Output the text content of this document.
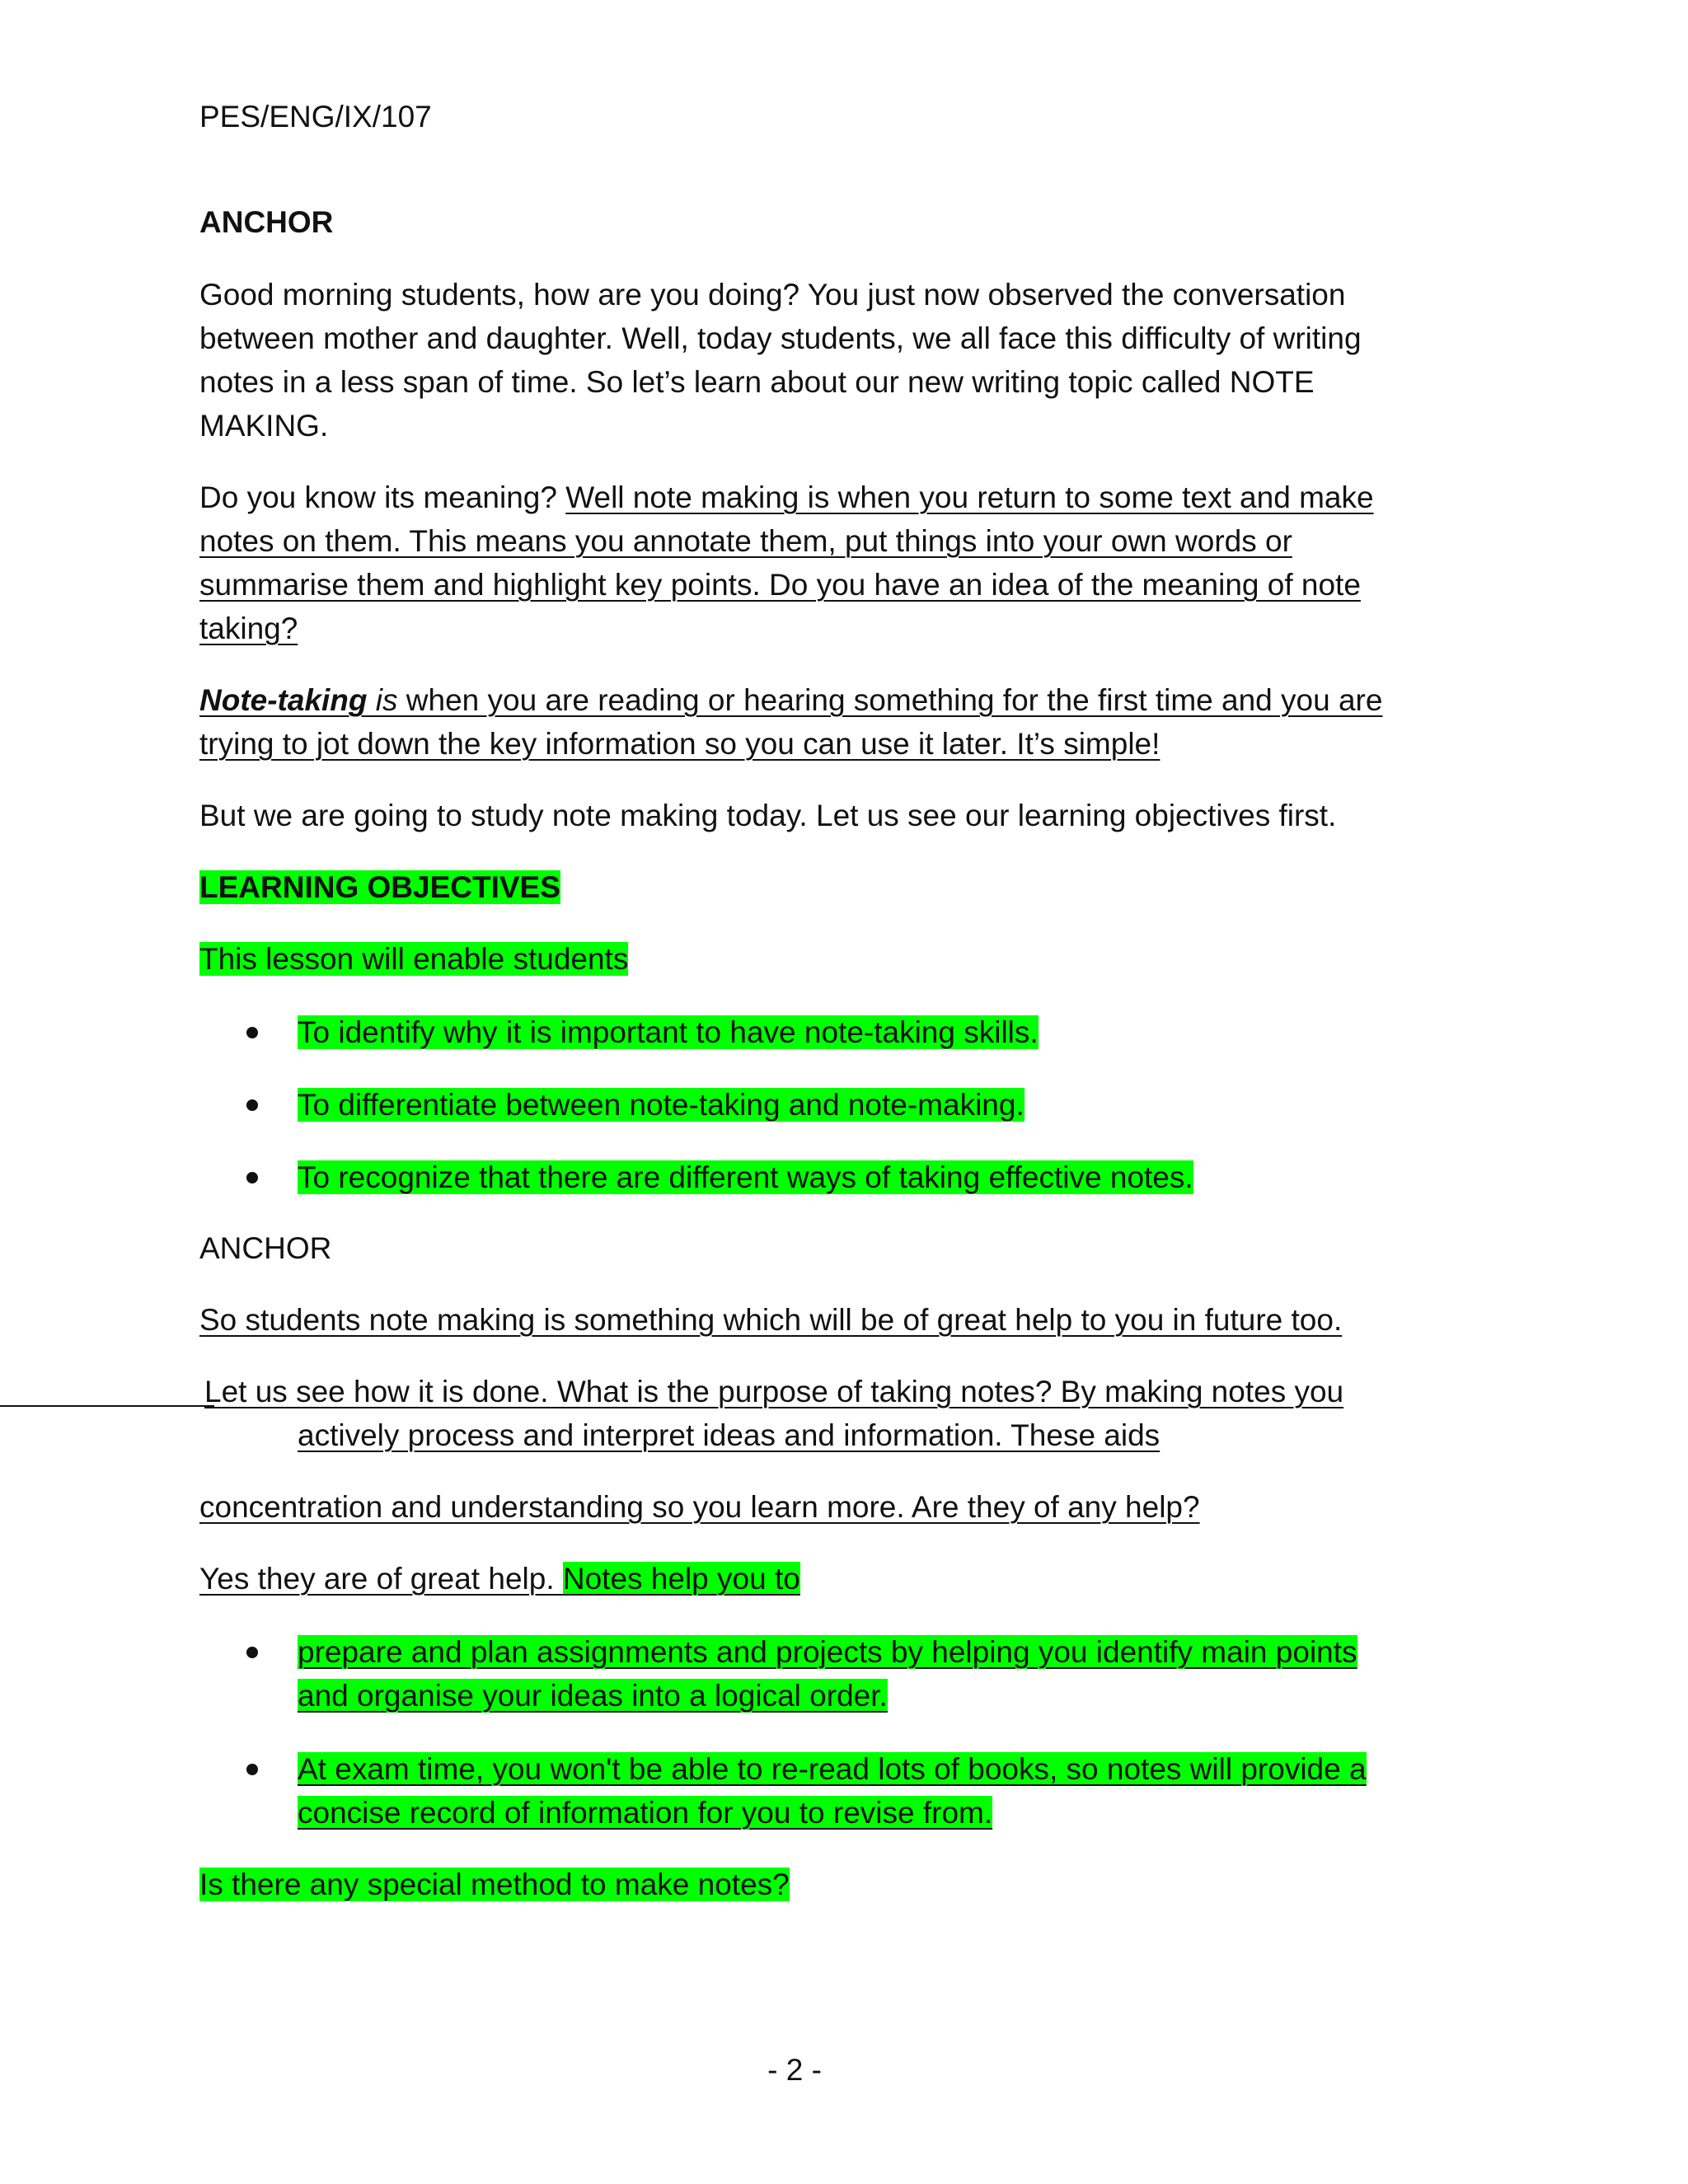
PES/ENG/IX/107

ANCHOR

Good morning students, how are you doing? You just now observed the conversation

between mother and daughter. Well, today students, we all face this difficulty of writing

notes in a less span of time. So let’s learn about our new writing topic called NOTE

MAKING.

Do you know its meaning? Well note making is when you return to some text and make

notes on them. This means you annotate them, put things into your own words or

summarise them and highlight key points. Do you have an idea of the meaning of note

taking?

Note-taking is when you are reading or hearing something for the first time and you are

trying to jot down the key information so you can use it later. It’s simple!

But we are going to study note making today. Let us see our learning objectives first.

LEARNING OBJECTIVES

This lesson will enable students

To identify why it is important to have note-taking skills.

To differentiate between note-taking and note-making.

To recognize that there are different ways of taking effective notes.

ANCHOR

So students note making is something which will be of great help to you in future too.

Let us see how it is done. What is the purpose of taking notes? By making notes you

actively process and interpret ideas and information. These aids

concentration and understanding so you learn more. Are they of any help?

Yes they are of great help. Notes help you to

prepare and plan assignments and projects by helping you identify main points

and organise your ideas into a logical order.

At exam time, you won't be able to re-read lots of books, so notes will provide a

concise record of information for you to revise from.

Is there any special method to make notes?

- 2 -
